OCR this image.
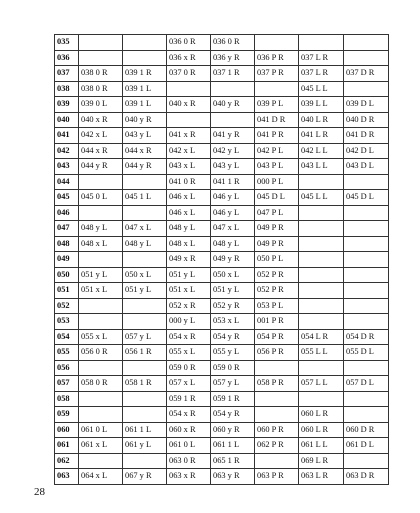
035			036 0 R	036 0 R			
036			036 x R	036 y R	036 P R	037 L R	
037	038 0 R	039 1 R	037 0 R	037 1 R	037 P R	037 L R	037 D R
038	038 0 R	039 1 L				045 L L	
039	039 0 L	039 1 L	040 x R	040 y R	039 P L	039 L L	039 D L
040	040 x R	040 y R			041 D R	040 L R	040 D R
041	042 x L	043 y L	041 x R	041 y R	041 P R	041 L R	041 D R
042	044 x R	044 x R	042 x L	042 y L	042 P L	042 L L	042 D L
043	044 y R	044 y R	043 x L	043 y L	043 P L	043 L L	043 D L
044			041 0 R	041 1 R	000 P L		
045	045 0 L	045 1 L	046 x L	046 y L	045 D L	045 L L	045 D L
046			046 x L	046 y L	047 P L		
047	048 y L	047 x L	048 y L	047 x L	049 P R		
048	048 x L	048 y L	048 x L	048 y L	049 P R		
049			049 x R	049 y R	050 P L		
050	051 y L	050 x L	051 y L	050 x L	052 P R		
051	051 x L	051 y L	051 x L	051 y L	052 P R		
052			052 x R	052 y R	053 P L		
053			000 y L	053 x L	001 P R		
054	055 x L	057 y L	054 x R	054 y R	054 P R	054 L R	054 D R
055	056 0 R	056 1 R	055 x L	055 y L	056 P R	055 L L	055 D L
056			059 0 R	059 0 R			
057	058 0 R	058 1 R	057 x L	057 y L	058 P R	057 L L	057 D L
058			059 1 R	059 1 R			
059			054 x R	054 y R		060 L R	
060	061 0 L	061 1 L	060 x R	060 y R	060 P R	060 L R	060 D R
061	061 x L	061 y L	061 0 L	061 1 L	062 P R	061 L L	061 D L
062			063 0 R	065 1 R		069 L R	
063	064 x L	067 y R	063 x R	063 y R	063 P R	063 L R	063 D R
28
